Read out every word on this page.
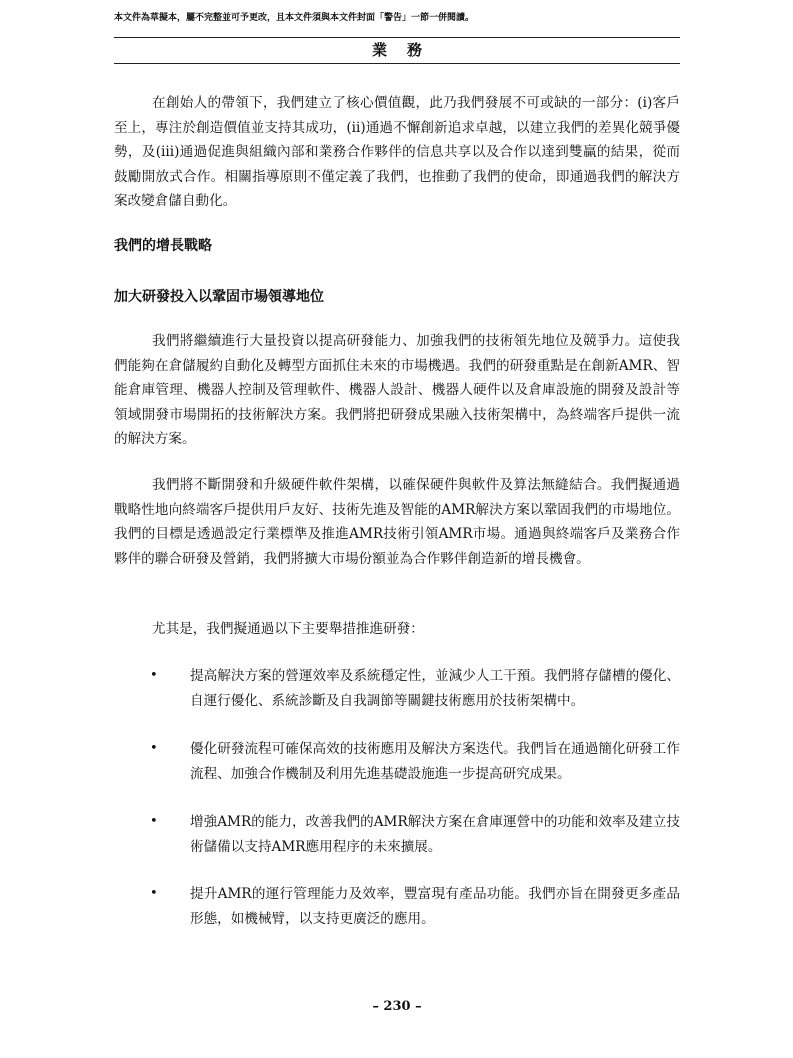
本文件為草擬本，屬不完整並可予更改，且本文件須與本文件封面「警告」一節一併閱讀。
業務
在創始人的帶領下，我們建立了核心價值觀，此乃我們發展不可或缺的一部分：(i)客戶至上，專注於創造價值並支持其成功，(ii)通過不懈創新追求卓越，以建立我們的差異化競爭優勢，及(iii)通過促進與組織內部和業務合作夥伴的信息共享以及合作以達到雙贏的結果，從而鼓勵開放式合作。相關指導原則不僅定義了我們，也推動了我們的使命，即通過我們的解決方案改變倉儲自動化。
我們的增長戰略
加大研發投入以鞏固市場領導地位
我們將繼續進行大量投資以提高研發能力、加強我們的技術領先地位及競爭力。這使我們能夠在倉儲履約自動化及轉型方面抓住未來的市場機遇。我們的研發重點是在創新AMR、智能倉庫管理、機器人控制及管理軟件、機器人設計、機器人硬件以及倉庫設施的開發及設計等領域開發市場開拓的技術解決方案。我們將把研發成果融入技術架構中，為終端客戶提供一流的解決方案。
我們將不斷開發和升級硬件軟件架構，以確保硬件與軟件及算法無縫結合。我們擬通過戰略性地向終端客戶提供用戶友好、技術先進及智能的AMR解決方案以鞏固我們的市場地位。我們的目標是透過設定行業標準及推進AMR技術引領AMR市場。通過與終端客戶及業務合作夥伴的聯合研發及營銷，我們將擴大市場份額並為合作夥伴創造新的增長機會。
尤其是，我們擬通過以下主要舉措推進研發：
• 提高解決方案的營運效率及系統穩定性，並減少人工干預。我們將存儲槽的優化、自運行優化、系統診斷及自我調節等關鍵技術應用於技術架構中。
• 優化研發流程可確保高效的技術應用及解決方案迭代。我們旨在通過簡化研發工作流程、加強合作機制及利用先進基礎設施進一步提高研究成果。
• 增強AMR的能力，改善我們的AMR解決方案在倉庫運營中的功能和效率及建立技術儲備以支持AMR應用程序的未來擴展。
• 提升AMR的運行管理能力及效率，豐富現有產品功能。我們亦旨在開發更多產品形態，如機械臂，以支持更廣泛的應用。
– 230 –
